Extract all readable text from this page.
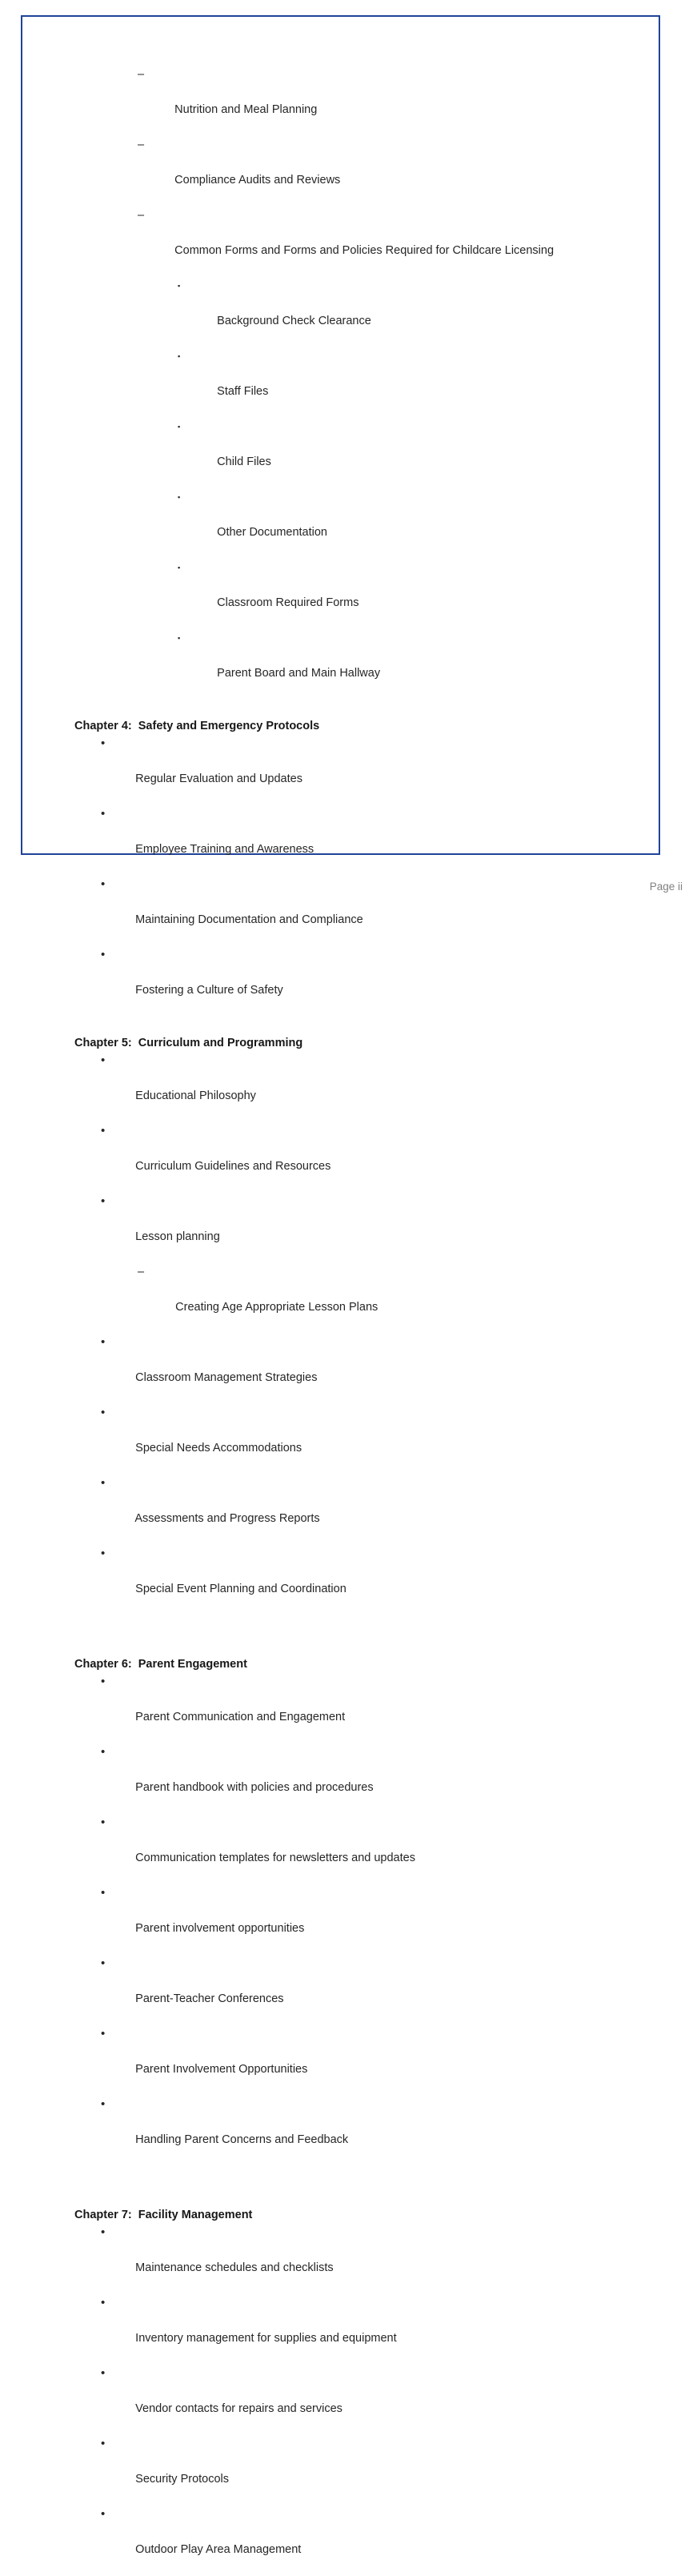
–

Nutrition and Meal Planning

–

Compliance Audits and Reviews

–

Common Forms and Forms and Policies Required for Childcare Licensing

▪

Background Check Clearance

▪

Staff Files

▪

Child Files

▪

Other Documentation

▪

Classroom Required Forms

▪

Parent Board and Main Hallway

Chapter 4:  Safety and Emergency Protocols

•

Regular Evaluation and Updates

•

Employee Training and Awareness

•

Maintaining Documentation and Compliance

•

Fostering a Culture of Safety

Chapter 5:  Curriculum and Programming

•

Educational Philosophy

•

Curriculum Guidelines and Resources

•

Lesson planning

–

Creating Age Appropriate Lesson Plans

•

Classroom Management Strategies

•

Special Needs Accommodations

•

Assessments and Progress Reports

•

Special Event Planning and Coordination

Chapter 6:  Parent Engagement

•

Parent Communication and Engagement

•

Parent handbook with policies and procedures

•

Communication templates for newsletters and updates

•

Parent involvement opportunities

•

Parent-Teacher Conferences

•

Parent Involvement Opportunities

•

Handling Parent Concerns and Feedback

Chapter 7:  Facility Management

•

Maintenance schedules and checklists

•

Inventory management for supplies and equipment

•

Vendor contacts for repairs and services

•

Security Protocols

•

Outdoor Play Area Management

Page ii
